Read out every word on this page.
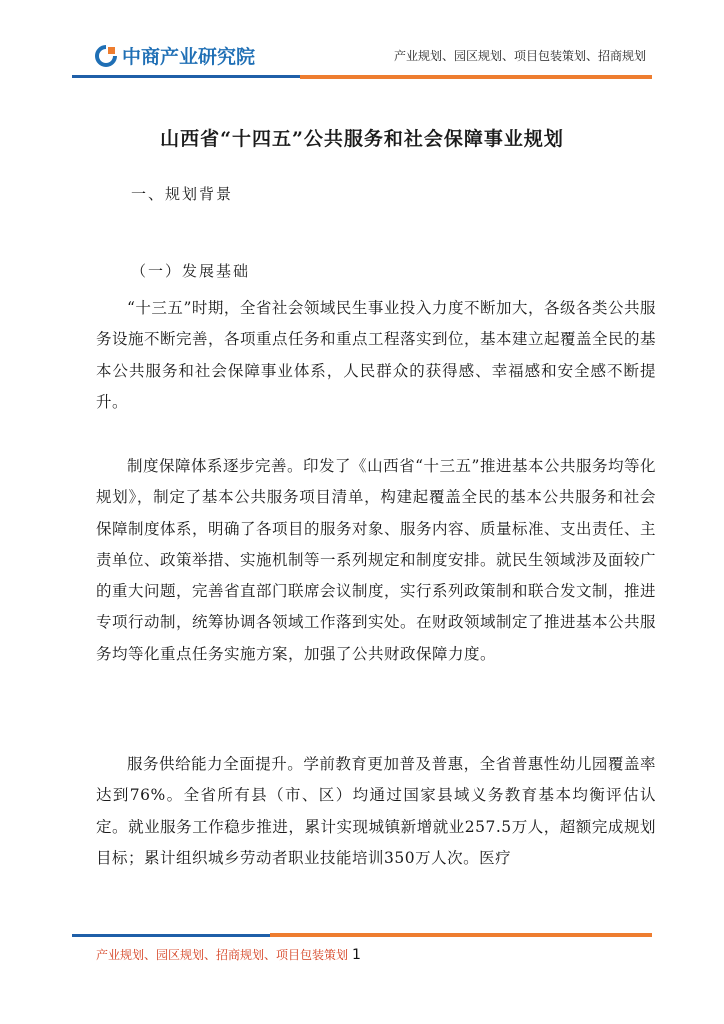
中商产业研究院	产业规划、园区规划、项目包装策划、招商规划
山西省“十四五”公共服务和社会保障事业规划
一、规划背景
（一）发展基础

“十三五”时期，全省社会领域民生事业投入力度不断加大，各级各类公共服务设施不断完善，各项重点任务和重点工程落实到位，基本建立起覆盖全民的基本公共服务和社会保障事业体系，人民群众的获得感、幸福感和安全感不断提升。

制度保障体系逐步完善。印发了《山西省“十三五”推进基本公共服务均等化规划》，制定了基本公共服务项目清单，构建起覆盖全民的基本公共服务和社会保障制度体系，明确了各项目的服务对象、服务内容、质量标准、支出责任、主责单位、政策举措、实施机制等一系列规定和制度安排。就民生领域涉及面较广的重大问题，完善省直部门联席会议制度，实行系列政策制和联合发文制，推进专项行动制，统筹协调各领域工作落到实处。在财政领域制定了推进基本公共服务均等化重点任务实施方案，加强了公共财政保障力度。

服务供给能力全面提升。学前教育更加普及普惠，全省普惠性幼儿园覆盖率达到76%。全省所有县（市、区）均通过国家县域义务教育基本均衡评估认定。就业服务工作稳步推进，累计实现城镇新增就业257.5万人，超额完成规划目标；累计组织城乡劳动者职业技能培训350万人次。医疗

产业规划、园区规划、招商规划、项目包装策划 1
